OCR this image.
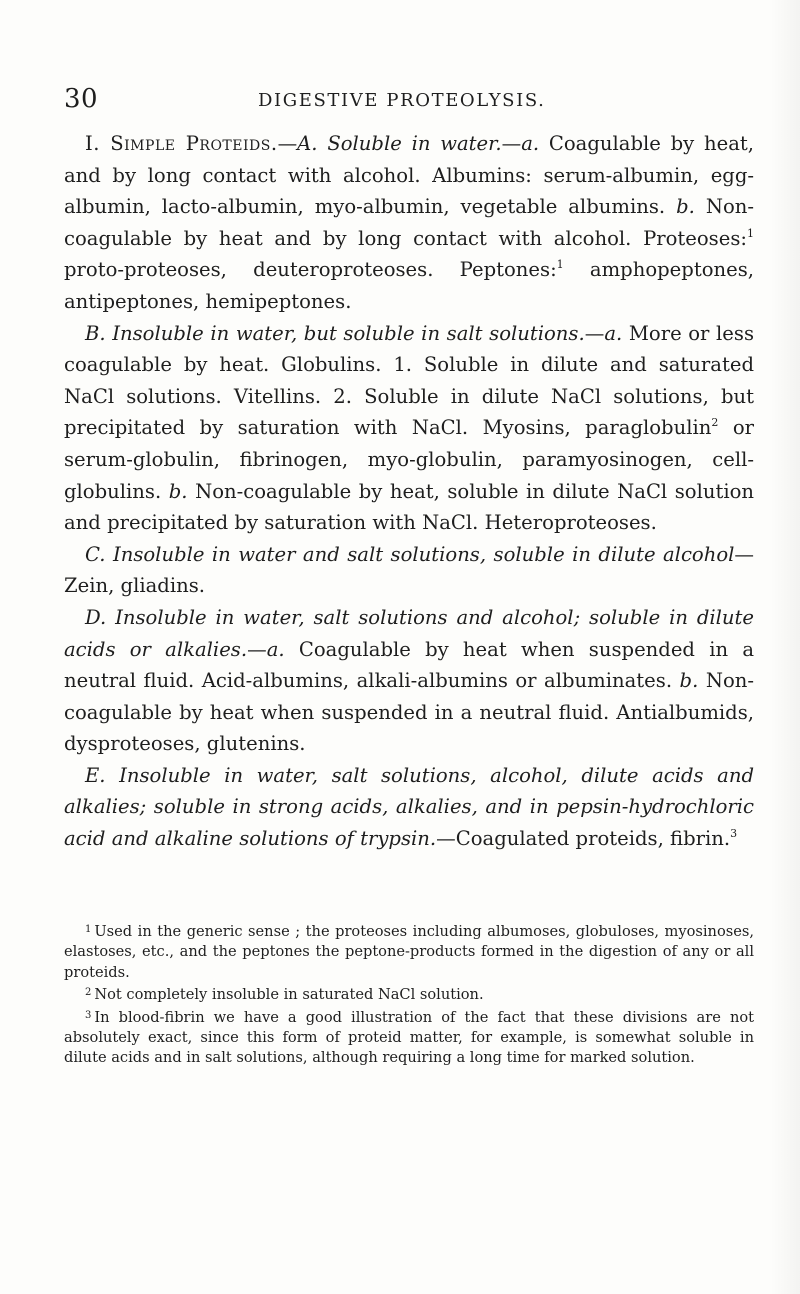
30	DIGESTIVE PROTEOLYSIS.

I. Simple Proteids.—A. Soluble in water.—a. Coagulable by heat, and by long contact with alcohol. Albumins: serum-albumin, egg-albumin, lacto-albumin, myo-albumin, vegetable albumins. b. Non-coagulable by heat and by long contact with alcohol. Proteoses:$^1$ proto-proteoses, deuteroproteoses. Peptones:$^1$ amphopeptones, antipeptones, hemipeptones.

B. Insoluble in water, but soluble in salt solutions.—a. More or less coagulable by heat. Globulins. 1. Soluble in dilute and saturated NaCl solutions. Vitellins. 2. Soluble in dilute NaCl solutions, but precipitated by saturation with NaCl. Myosins, paraglobulin$^2$ or serum-globulin, fibrinogen, myo-globulin, paramyosinogen, cell-globulins. b. Non-coagulable by heat, soluble in dilute NaCl solution and precipitated by saturation with NaCl. Heteroproteoses.

C. Insoluble in water and salt solutions, soluble in dilute alcohol—Zein, gliadins.

D. Insoluble in water, salt solutions and alcohol; soluble in dilute acids or alkalies.—a. Coagulable by heat when suspended in a neutral fluid. Acid-albumins, alkali-albumins or albuminates. b. Non-coagulable by heat when suspended in a neutral fluid. Antialbumids, dysproteoses, glutenins.

E. Insoluble in water, salt solutions, alcohol, dilute acids and alkalies; soluble in strong acids, alkalies, and in pepsin-hydrochloric acid and alkaline solutions of trypsin.—Coagulated proteids, fibrin.$^3$

$^1$ Used in the generic sense ; the proteoses including albumoses, globuloses, myosinoses, elastoses, etc., and the peptones the peptone-products formed in the digestion of any or all proteids.

$^2$ Not completely insoluble in saturated NaCl solution.

$^3$ In blood-fibrin we have a good illustration of the fact that these divisions are not absolutely exact, since this form of proteid matter, for example, is somewhat soluble in dilute acids and in salt solutions, although requiring a long time for marked solution.
